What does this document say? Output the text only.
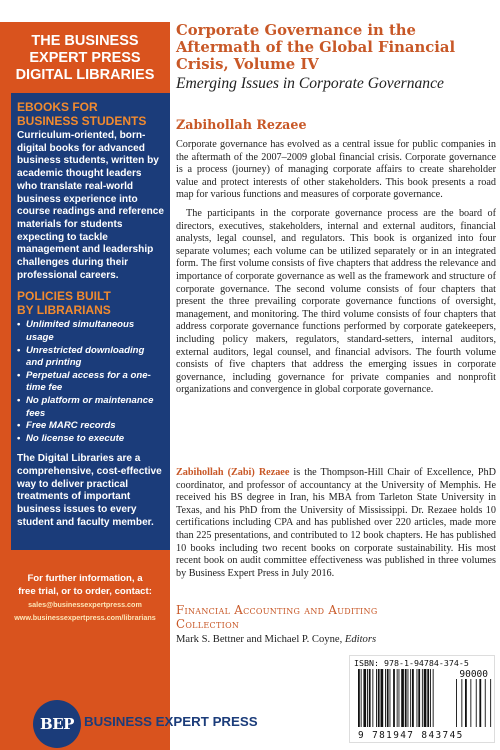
THE BUSINESS
EXPERT PRESS
DIGITAL LIBRARIES
EBOOKS FOR
BUSINESS STUDENTS
Curriculum-oriented, born-digital books for advanced business students, written by academic thought leaders who translate real-world business experience into course readings and reference materials for students expecting to tackle management and leadership challenges during their professional careers.
POLICIES BUILT
BY LIBRARIANS
• Unlimited simultaneous usage
• Unrestricted downloading and printing
• Perpetual access for a one-time fee
• No platform or maintenance fees
• Free MARC records
• No license to execute
The Digital Libraries are a comprehensive, cost-effective way to deliver practical treatments of important business issues to every student and faculty member.
For further information, a
free trial, or to order, contact:
sales@businessexpertpress.com
www.businessexpertpress.com/librarians
Corporate Governance in the Aftermath of the Global Financial Crisis, Volume IV
Emerging Issues in Corporate Governance
Zabihollah Rezaee

Corporate governance has evolved as a central issue for public companies in the aftermath of the 2007–2009 global financial crisis. Corporate governance is a process (journey) of managing corporate affairs to create shareholder value and protect interests of other stakeholders. This book presents a road map for various functions and measures of corporate governance.

The participants in the corporate governance process are the board of directors, executives, stakeholders, internal and external auditors, financial analysts, legal counsel, and regulators. This book is organized into four separate volumes; each volume can be utilized separately or in an integrated form. The first volume consists of five chapters that address the relevance and importance of corporate governance as well as the framework and structure of corporate governance. The second volume consists of four chapters that present the three prevailing corporate governance functions of oversight, management, and monitoring. The third volume consists of four chapters that address corporate governance functions performed by corporate gatekeepers, including policy makers, regulators, standard-setters, internal auditors, external auditors, legal counsel, and financial advisors. The fourth volume consists of five chapters that address the emerging issues in corporate governance, including governance for private companies and nonprofit organizations and convergence in global corporate governance.

Zabihollah (Zabi) Rezaee is the Thompson-Hill Chair of Excellence, PhD coordinator, and professor of accountancy at the University of Memphis. He received his BS degree in Iran, his MBA from Tarleton State University in Texas, and his PhD from the University of Mississippi. Dr. Rezaee holds 10 certifications including CPA and has published over 220 articles, made more than 225 presentations, and contributed to 12 book chapters. He has published 10 books including two recent books on corporate sustainability. His most recent book on audit committee effectiveness was published in three volumes by Business Expert Press in July 2016.
Financial Accounting and Auditing
Collection
Mark S. Bettner and Michael P. Coyne, Editors
BEP BUSINESS EXPERT PRESS
ISBN: 978-1-94784-374-5
90000
9 781947 843745
